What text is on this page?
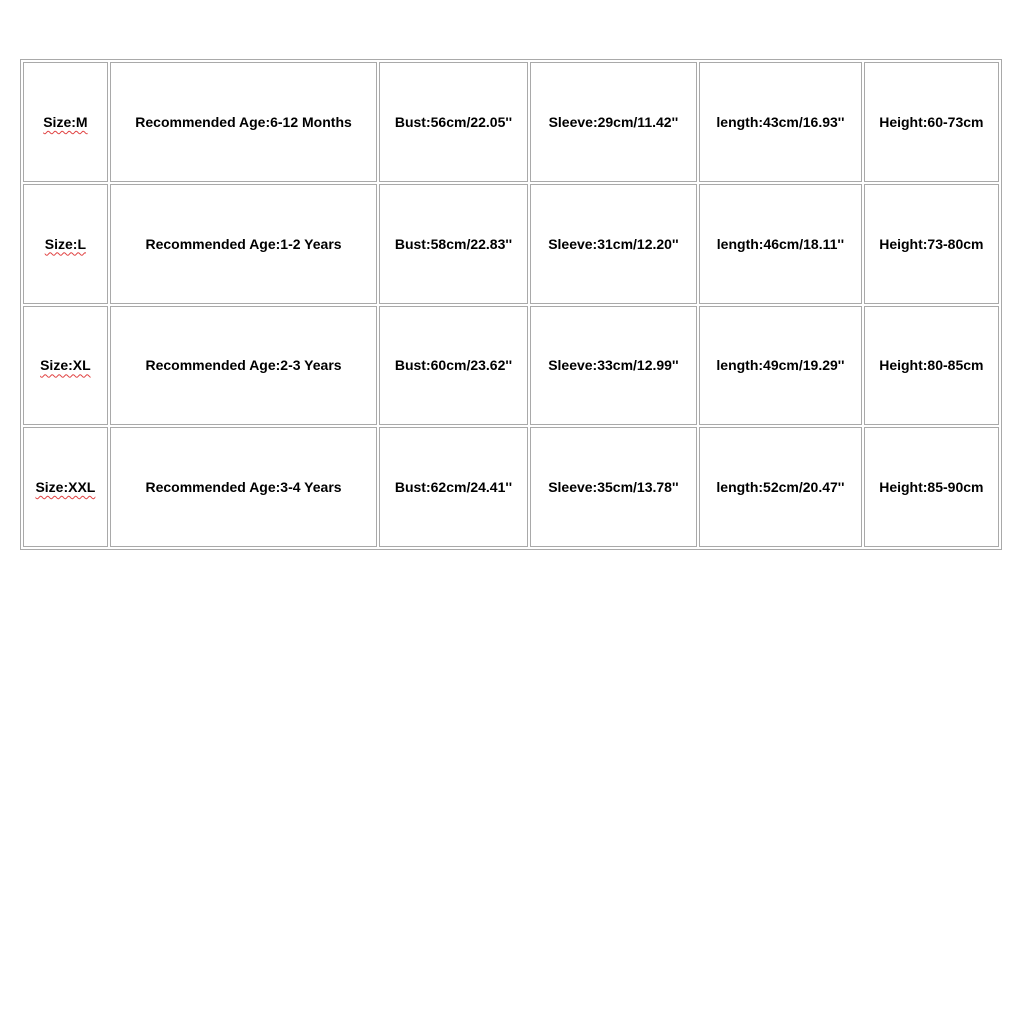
Size:M	Recommended Age:6-12 Months	Bust:56cm/22.05''	Sleeve:29cm/11.42''	length:43cm/16.93''	Height:60-73cm
Size:L	Recommended Age:1-2 Years	Bust:58cm/22.83''	Sleeve:31cm/12.20''	length:46cm/18.11''	Height:73-80cm
Size:XL	Recommended Age:2-3 Years	Bust:60cm/23.62''	Sleeve:33cm/12.99''	length:49cm/19.29''	Height:80-85cm
Size:XXL	Recommended Age:3-4 Years	Bust:62cm/24.41''	Sleeve:35cm/13.78''	length:52cm/20.47''	Height:85-90cm
